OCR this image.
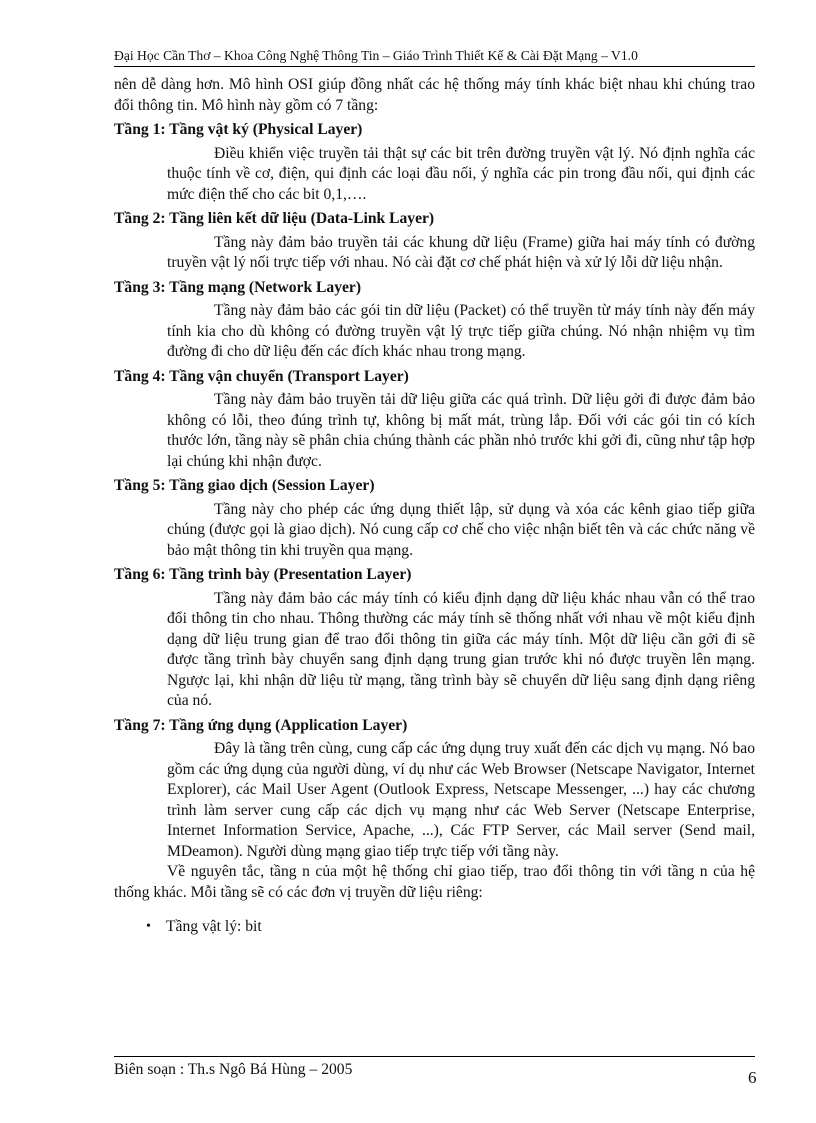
Đại Học Cần Thơ – Khoa Công Nghệ Thông Tin – Giáo Trình Thiết Kế & Cài Đặt Mạng – V1.0

nên dễ dàng hơn. Mô hình OSI giúp đồng nhất các hệ thống máy tính khác biệt nhau khi chúng trao đổi thông tin. Mô hình này gồm có 7 tầng:

Tầng 1: Tầng vật ký (Physical Layer)

Điều khiển việc truyền tải thật sự các bit trên đường truyền vật lý. Nó định nghĩa các thuộc tính về cơ, điện, qui định các loại đầu nối, ý nghĩa các pin trong đầu nối, qui định các mức điện thế cho các bit 0,1,….

Tầng 2: Tầng liên kết dữ liệu (Data-Link Layer)

Tầng này đảm bảo truyền tải các khung dữ liệu (Frame) giữa hai máy tính có đường truyền vật lý nối trực tiếp với nhau. Nó cài đặt cơ chế phát hiện và xử lý lỗi dữ liệu nhận.

Tầng 3: Tầng mạng (Network Layer)

Tầng này đảm bảo các gói tin dữ liệu (Packet) có thể truyền từ máy tính này đến máy tính kia cho dù không có đường truyền vật lý trực tiếp giữa chúng. Nó nhận nhiệm vụ tìm đường đi cho dữ liệu đến các đích khác nhau trong mạng.

Tầng 4: Tầng vận chuyển (Transport Layer)

Tầng này đảm bảo truyền tải dữ liệu giữa các quá trình. Dữ liệu gởi đi được đảm bảo không có lỗi, theo đúng trình tự, không bị mất mát, trùng lắp. Đối với các gói tin có kích thước lớn, tầng này sẽ phân chia chúng thành các phần nhỏ trước khi gởi đi, cũng như tập hợp lại chúng khi nhận được.

Tầng 5: Tầng giao dịch (Session Layer)

Tầng này cho phép các ứng dụng thiết lập, sử dụng và xóa các kênh giao tiếp giữa chúng (được gọi là giao dịch). Nó cung cấp cơ chế cho việc nhận biết tên và các chức năng về bảo mật thông tin khi truyền qua mạng.

Tầng 6: Tầng trình bày (Presentation Layer)

Tầng này đảm bảo các máy tính có kiểu định dạng dữ liệu khác nhau vẫn có thể trao đổi thông tin cho nhau. Thông thường các máy tính sẽ thống nhất với nhau về một kiểu định dạng dữ liệu trung gian để trao đổi thông tin giữa các máy tính. Một dữ liệu cần gởi đi sẽ được tầng trình bày chuyển sang định dạng trung gian trước khi nó được truyền lên mạng. Ngược lại, khi nhận dữ liệu từ mạng, tầng trình bày sẽ chuyển dữ liệu sang định dạng riêng của nó.

Tầng 7: Tầng ứng dụng (Application Layer)

Đây là tầng trên cùng, cung cấp các ứng dụng truy xuất đến các dịch vụ mạng. Nó bao gồm các ứng dụng của người dùng, ví dụ như các Web Browser (Netscape Navigator, Internet Explorer), các Mail User Agent (Outlook Express, Netscape Messenger, ...) hay các chương trình làm server cung cấp các dịch vụ mạng như các Web Server (Netscape Enterprise, Internet Information Service, Apache, ...), Các FTP Server, các Mail server (Send mail, MDeamon). Người dùng mạng giao tiếp trực tiếp với tầng này.

Về nguyên tắc, tầng n của một hệ thống chỉ giao tiếp, trao đổi thông tin với tầng n của hệ thống khác. Mỗi tầng sẽ có các đơn vị truyền dữ liệu riêng:

• Tầng vật lý: bit
Biên soạn : Th.s Ngô Bá Hùng – 2005	6
